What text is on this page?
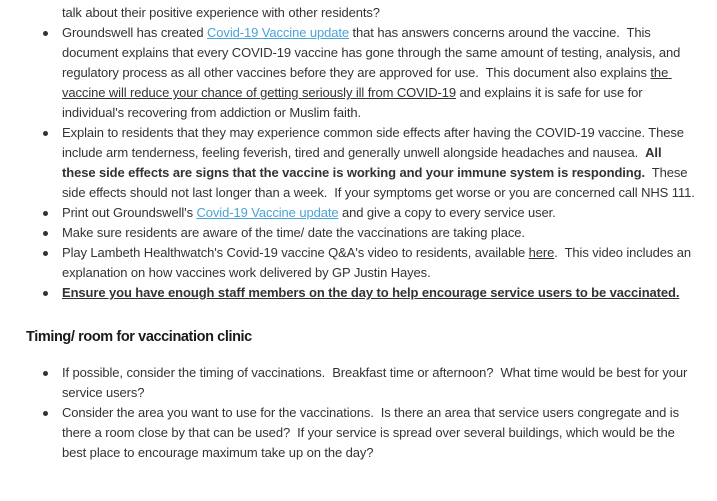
talk about their positive experience with other residents?
Groundswell has created Covid-19 Vaccine update that has answers concerns around the vaccine.  This document explains that every COVID-19 vaccine has gone through the same amount of testing, analysis, and regulatory process as all other vaccines before they are approved for use.  This document also explains the vaccine will reduce your chance of getting seriously ill from COVID-19 and explains it is safe for use for individual's recovering from addiction or Muslim faith.
Explain to residents that they may experience common side effects after having the COVID-19 vaccine. These include arm tenderness, feeling feverish, tired and generally unwell alongside headaches and nausea.  All these side effects are signs that the vaccine is working and your immune system is responding.  These side effects should not last longer than a week.  If your symptoms get worse or you are concerned call NHS 111.
Print out Groundswell's Covid-19 Vaccine update and give a copy to every service user.
Make sure residents are aware of the time/ date the vaccinations are taking place.
Play Lambeth Healthwatch's Covid-19 vaccine Q&A's video to residents, available here.  This video includes an explanation on how vaccines work delivered by GP Justin Hayes.
Ensure you have enough staff members on the day to help encourage service users to be vaccinated.
Timing/ room for vaccination clinic
If possible, consider the timing of vaccinations.  Breakfast time or afternoon?  What time would be best for your service users?
Consider the area you want to use for the vaccinations.  Is there an area that service users congregate and is there a room close by that can be used?  If your service is spread over several buildings, which would be the best place to encourage maximum take up on the day?
